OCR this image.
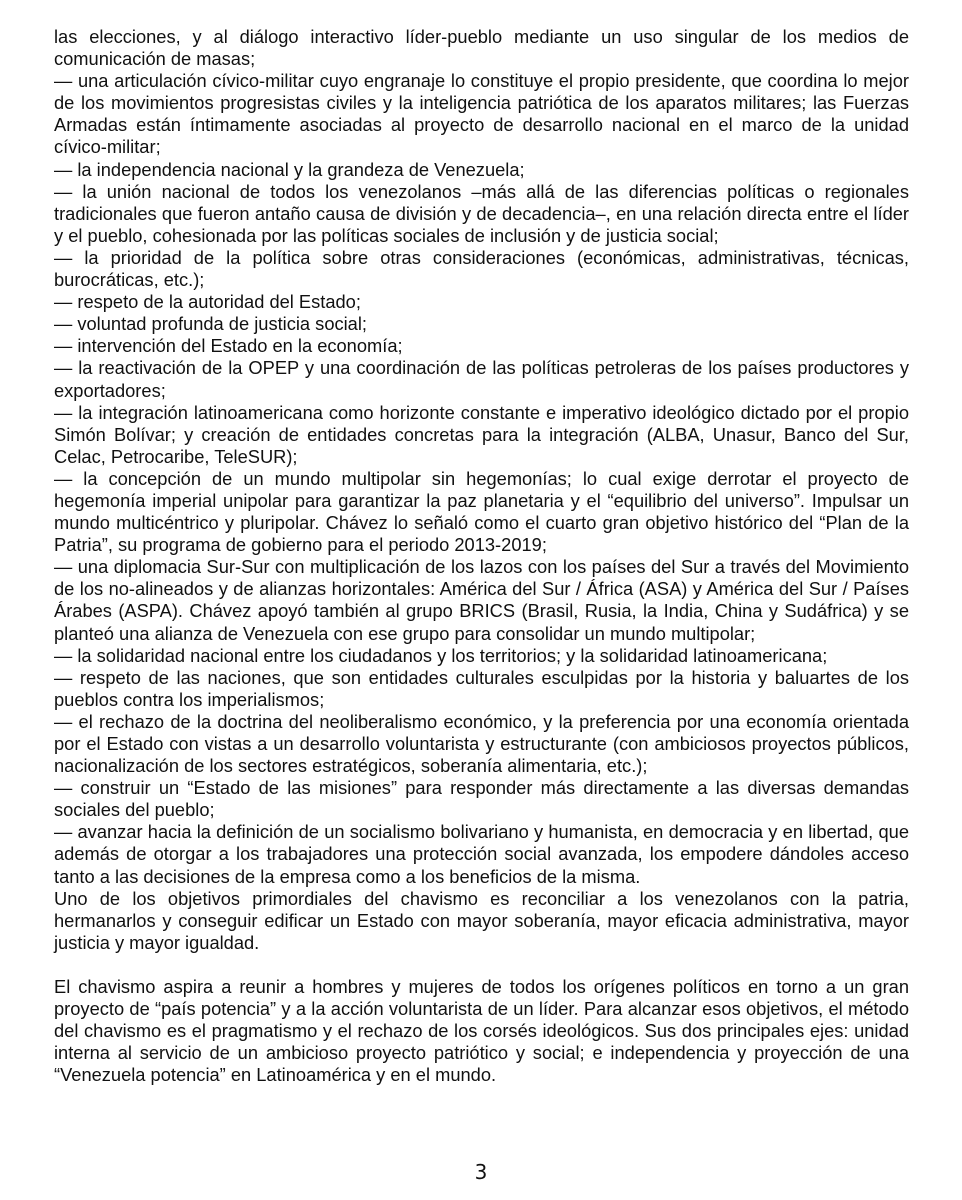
las elecciones, y al diálogo interactivo líder-pueblo mediante un uso singular de los medios de comunicación de masas;

— una articulación cívico-militar cuyo engranaje lo constituye el propio presidente, que coordina lo mejor de los movimientos progresistas civiles y la inteligencia patriótica de los aparatos militares; las Fuerzas Armadas están íntimamente asociadas al proyecto de desarrollo nacional en el marco de la unidad cívico-militar;

— la independencia nacional y la grandeza de Venezuela;

— la unión nacional de todos los venezolanos –más allá de las diferencias políticas o regionales tradicionales que fueron antaño causa de división y de decadencia–, en una relación directa entre el líder y el pueblo, cohesionada por las políticas sociales de inclusión y de justicia social;

— la prioridad de la política sobre otras consideraciones (económicas, administrativas, técnicas, burocráticas, etc.);

— respeto de la autoridad del Estado;

— voluntad profunda de justicia social;

— intervención del Estado en la economía;

— la reactivación de la OPEP y una coordinación de las políticas petroleras de los países productores y exportadores;

— la integración latinoamericana como horizonte constante e imperativo ideológico dictado por el propio Simón Bolívar; y creación de entidades concretas para la integración (ALBA, Unasur, Banco del Sur, Celac, Petrocaribe, TeleSUR);

— la concepción de un mundo multipolar sin hegemonías; lo cual exige derrotar el proyecto de hegemonía imperial unipolar para garantizar la paz planetaria y el “equilibrio del universo”. Impulsar un mundo multicéntrico y pluripolar. Chávez lo señaló como el cuarto gran objetivo histórico del “Plan de la Patria”, su programa de gobierno para el periodo 2013-2019;

— una diplomacia Sur-Sur con multiplicación de los lazos con los países del Sur a través del Movimiento de los no-alineados y de alianzas horizontales: América del Sur / África (ASA) y América del Sur / Países Árabes (ASPA). Chávez apoyó también al grupo BRICS (Brasil, Rusia, la India, China y Sudáfrica) y se planteó una alianza de Venezuela con ese grupo para consolidar un mundo multipolar;

— la solidaridad nacional entre los ciudadanos y los territorios; y la solidaridad latinoamericana;

— respeto de las naciones, que son entidades culturales esculpidas por la historia y baluartes de los pueblos contra los imperialismos;

— el rechazo de la doctrina del neoliberalismo económico, y la preferencia por una economía orientada por el Estado con vistas a un desarrollo voluntarista y estructurante (con ambiciosos proyectos públicos, nacionalización de los sectores estratégicos, soberanía alimentaria, etc.);

— construir un “Estado de las misiones” para responder más directamente a las diversas demandas sociales del pueblo;

— avanzar hacia la definición de un socialismo bolivariano y humanista, en democracia y en libertad, que además de otorgar a los trabajadores una protección social avanzada, los empodere dándoles acceso tanto a las decisiones de la empresa como a los beneficios de la misma.

Uno de los objetivos primordiales del chavismo es reconciliar a los venezolanos con la patria, hermanarlos y conseguir edificar un Estado con mayor soberanía, mayor eficacia administrativa, mayor justicia y mayor igualdad.

El chavismo aspira a reunir a hombres y mujeres de todos los orígenes políticos en torno a un gran proyecto de “país potencia” y a la acción voluntarista de un líder. Para alcanzar esos objetivos, el método del chavismo es el pragmatismo y el rechazo de los corsés ideológicos. Sus dos principales ejes: unidad interna al servicio de un ambicioso proyecto patriótico y social; e independencia y proyección de una “Venezuela potencia” en Latinoamérica y en el mundo.

3
